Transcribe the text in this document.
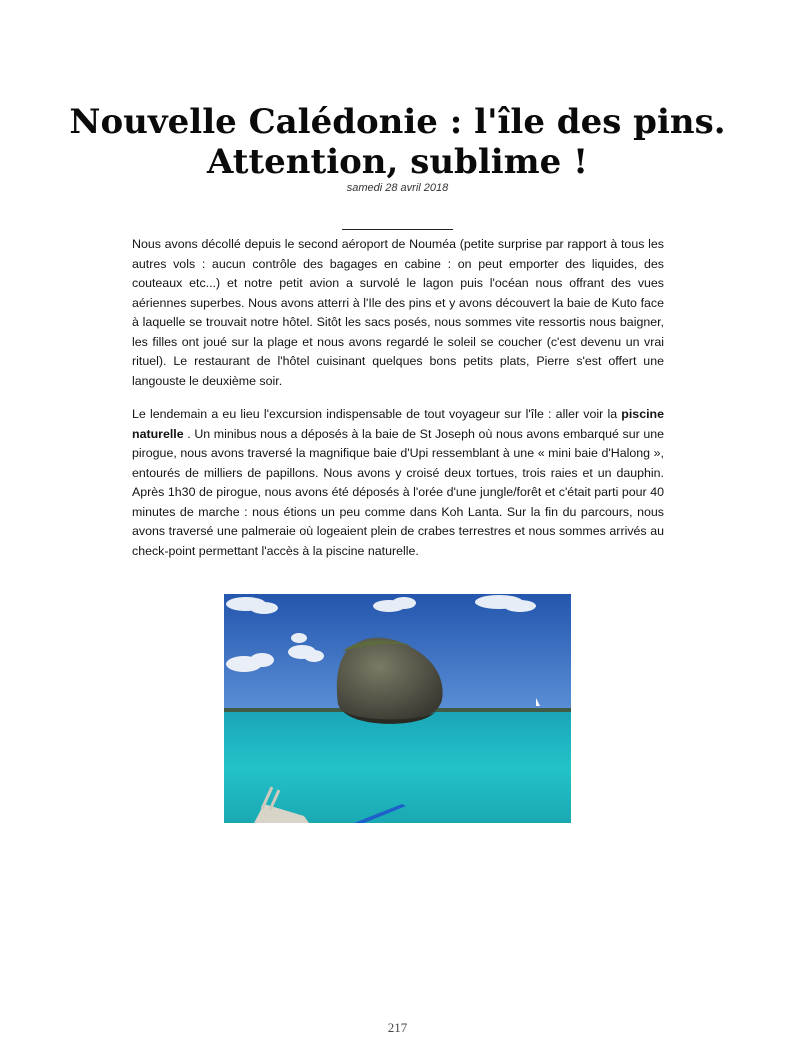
Nouvelle Calédonie : l'île des pins. Attention, sublime !
samedi 28 avril 2018

Nous avons décollé depuis le second aéroport de Nouméa (petite surprise par rapport à tous les autres vols : aucun contrôle des bagages en cabine : on peut emporter des liquides, des couteaux etc...) et notre petit avion a survolé le lagon puis l'océan nous offrant des vues aériennes superbes. Nous avons atterri à l'Ile des pins et y avons découvert la baie de Kuto face à laquelle se trouvait notre hôtel. Sitôt les sacs posés, nous sommes vite ressortis nous baigner, les filles ont joué sur la plage et nous avons regardé le soleil se coucher (c'est devenu un vrai rituel). Le restaurant de l'hôtel cuisinant quelques bons petits plats, Pierre s'est offert une langouste le deuxième soir.

Le lendemain a eu lieu l'excursion indispensable de tout voyageur sur l'île : aller voir la piscine naturelle . Un minibus nous a déposés à la baie de St Joseph où nous avons embarqué sur une pirogue, nous avons traversé la magnifique baie d'Upi ressemblant à une « mini baie d'Halong », entourés de milliers de papillons. Nous avons y croisé deux tortues, trois raies et un dauphin. Après 1h30 de pirogue, nous avons été déposés à l'orée d'une jungle/forêt et c'était parti pour 40 minutes de marche : nous étions un peu comme dans Koh Lanta. Sur la fin du parcours, nous avons traversé une palmeraie où logeaient plein de crabes terrestres et nous sommes arrivés au check-point permettant l'accès à la piscine naturelle.

217
